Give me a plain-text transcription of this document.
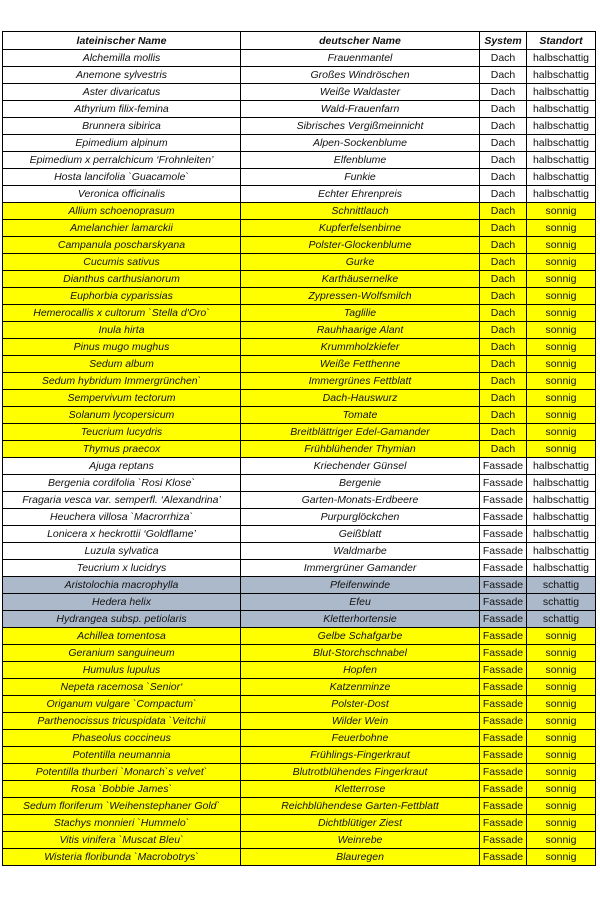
lateinischer Name	deutscher Name	System	Standort
Alchemilla mollis	Frauenmantel	Dach	halbschattig
Anemone sylvestris	Großes Windröschen	Dach	halbschattig
Aster divaricatus	Weiße Waldaster	Dach	halbschattig
Athyrium filix-femina	Wald-Frauenfarn	Dach	halbschattig
Brunnera sibirica	Sibrisches Vergißmeinnicht	Dach	halbschattig
Epimedium alpinum	Alpen-Sockenblume	Dach	halbschattig
Epimedium x perralchicum ‘Frohnleiten’	Elfenblume	Dach	halbschattig
Hosta lancifolia `Guacamole`	Funkie	Dach	halbschattig
Veronica officinalis	Echter Ehrenpreis	Dach	halbschattig
Allium schoenoprasum	Schnittlauch	Dach	sonnig
Amelanchier lamarckii	Kupferfelsenbirne	Dach	sonnig
Campanula poscharskyana	Polster-Glockenblume	Dach	sonnig
Cucumis sativus	Gurke	Dach	sonnig
Dianthus carthusianorum	Karthäusernelke	Dach	sonnig
Euphorbia cyparissias	Zypressen-Wolfsmilch	Dach	sonnig
Hemerocallis x cultorum `Stella d'Oro`	Taglilie	Dach	sonnig
Inula hirta	Rauhhaarige Alant	Dach	sonnig
Pinus mugo mughus	Krummholzkiefer	Dach	sonnig
Sedum album	Weiße Fetthenne	Dach	sonnig
Sedum hybridum Immergrünchen`	Immergrünes Fettblatt	Dach	sonnig
Sempervivum tectorum	Dach-Hauswurz	Dach	sonnig
Solanum lycopersicum	Tomate	Dach	sonnig
Teucrium lucydris	Breitblättriger Edel-Gamander	Dach	sonnig
Thymus praecox	Frühblühender Thymian	Dach	sonnig
Ajuga reptans	Kriechender Günsel	Fassade	halbschattig
Bergenia cordifolia `Rosi Klose`	Bergenie	Fassade	halbschattig
Fragaria vesca var. semperfl. ‘Alexandrina’	Garten-Monats-Erdbeere	Fassade	halbschattig
Heuchera villosa `Macrorrhiza`	Purpurglöckchen	Fassade	halbschattig
Lonicera x heckrottii ‘Goldflame’	Geißblatt	Fassade	halbschattig
Luzula sylvatica	Waldmarbe	Fassade	halbschattig
Teucrium x lucidrys	Immergrüner Gamander	Fassade	halbschattig
Aristolochia macrophylla	Pfeifenwinde	Fassade	schattig
Hedera helix	Efeu	Fassade	schattig
Hydrangea subsp. petiolaris	Kletterhortensie	Fassade	schattig
Achillea tomentosa	Gelbe Schafgarbe	Fassade	sonnig
Geranium sanguineum	Blut-Storchschnabel	Fassade	sonnig
Humulus lupulus	Hopfen	Fassade	sonnig
Nepeta racemosa `Senior‘	Katzenminze	Fassade	sonnig
Origanum vulgare `Compactum`	Polster-Dost	Fassade	sonnig
Parthenocissus tricuspidata `Veitchii	Wilder Wein	Fassade	sonnig
Phaseolus coccineus	Feuerbohne	Fassade	sonnig
Potentilla neumannia	Frühlings-Fingerkraut	Fassade	sonnig
Potentilla thurberi `Monarch`s velvet`	Blutrotblühendes Fingerkraut	Fassade	sonnig
Rosa `Bobbie James`	Kletterrose	Fassade	sonnig
Sedum floriferum `Weihenstephaner Gold`	Reichblühendese Garten-Fettblatt	Fassade	sonnig
Stachys monnieri `Hummelo`	Dichtblütiger Ziest	Fassade	sonnig
Vitis vinifera `Muscat Bleu`	Weinrebe	Fassade	sonnig
Wisteria floribunda `Macrobotrys`	Blauregen	Fassade	sonnig
